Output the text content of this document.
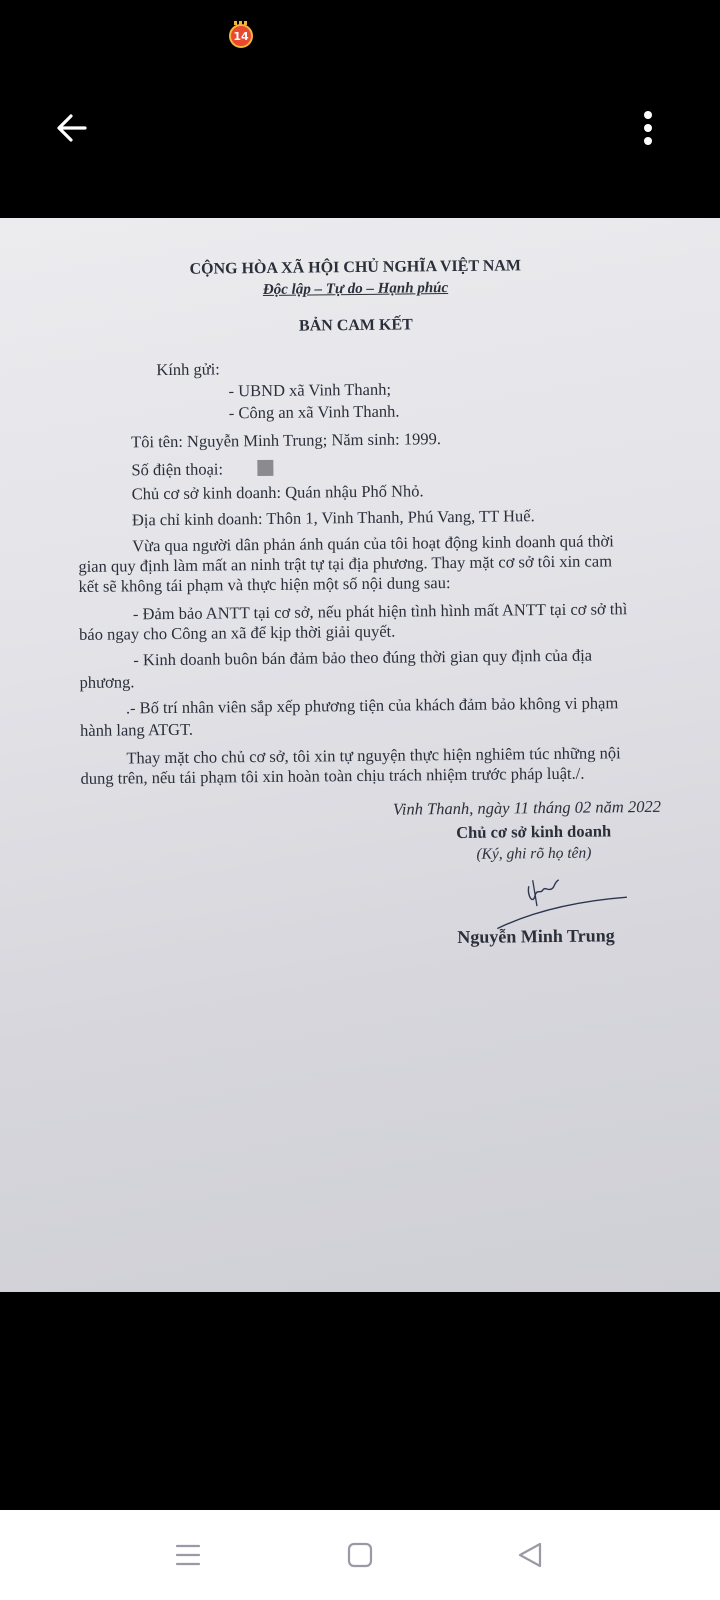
14
CỘNG HÒA XÃ HỘI CHỦ NGHĨA VIỆT NAM
Độc lập – Tự do – Hạnh phúc
BẢN CAM KẾT
Kính gửi:
- UBND xã Vinh Thanh;
- Công an xã Vinh Thanh.
Tôi tên: Nguyễn Minh Trung; Năm sinh: 1999.
Số điện thoại:
Chủ cơ sở kinh doanh: Quán nhậu Phố Nhỏ.
Địa chỉ kinh doanh: Thôn 1, Vinh Thanh, Phú Vang, TT Huế.
Vừa qua người dân phản ánh quán của tôi hoạt động kinh doanh quá thời
gian quy định làm mất an ninh trật tự tại địa phương. Thay mặt cơ sở tôi xin cam
kết sẽ không tái phạm và thực hiện một số nội dung sau:
- Đảm bảo ANTT tại cơ sở, nếu phát hiện tình hình mất ANTT tại cơ sở thì
báo ngay cho Công an xã để kịp thời giải quyết.
- Kinh doanh buôn bán đảm bảo theo đúng thời gian quy định của địa
phương.
.- Bố trí nhân viên sắp xếp phương tiện của khách đảm bảo không vi phạm
hành lang ATGT.
Thay mặt cho chủ cơ sở, tôi xin tự nguyện thực hiện nghiêm túc những nội
dung trên, nếu tái phạm tôi xin hoàn toàn chịu trách nhiệm trước pháp luật./.
Vinh Thanh, ngày 11 tháng 02 năm 2022
Chủ cơ sở kinh doanh
(Ký, ghi rõ họ tên)
Nguyễn Minh Trung
